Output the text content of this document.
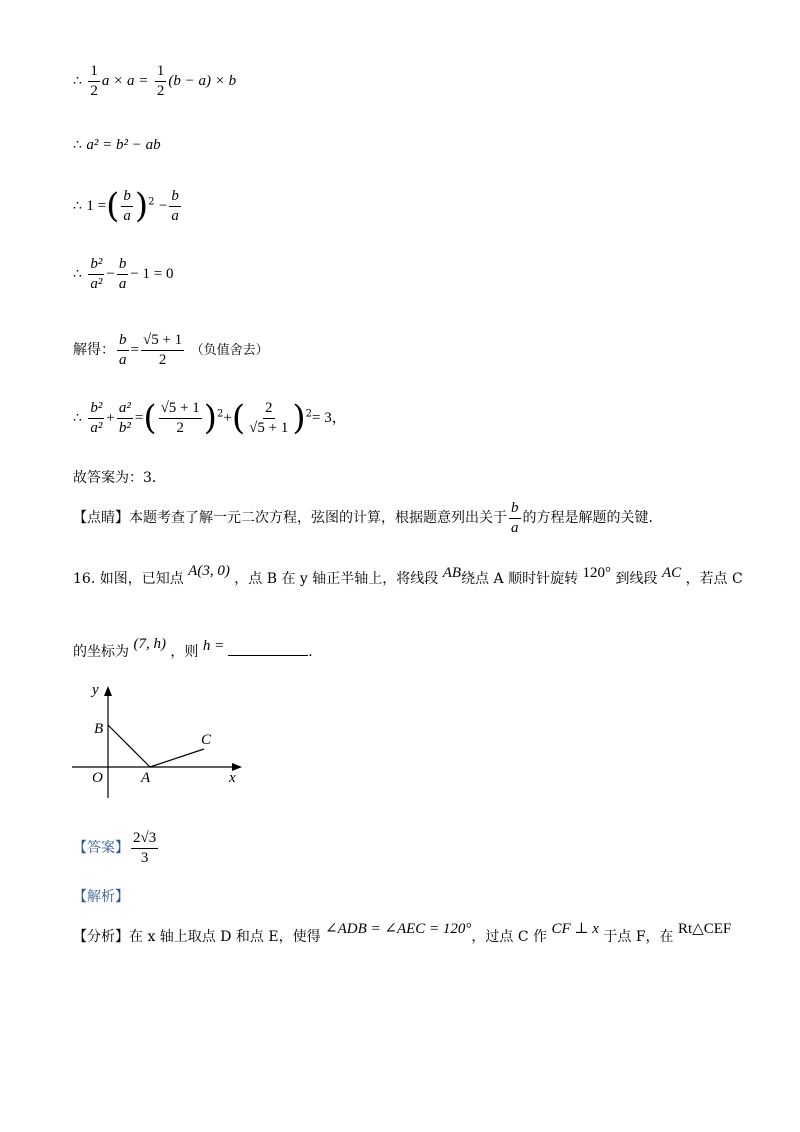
∴ $\frac{1}{2}$ $a \times a = \frac{1}{2} (b - a) \times b$
∴ a² = b² − ab
∴ 1 =( $\frac{b}{a} )^2 - \frac{b}{a}$
∴ $\frac{\text{b²}}{\text{a²}} - \frac{b}{a} - 1 = 0$
解得： $\frac{b}{a} = \frac{√5 + 1}{2}$ （负值舍去）
∴ $\frac{\text{b²}}{\text{a²}} + \frac{\text{a²}}{\text{b²}}$ =( $\frac{√5 + 1}{2} )^2+( \frac{2}{√5 + 1} )^2= 3$，
故答案为：3．
【点睛】本题考查了解一元二次方程，弦图的计算，根据题意列出关于 $\frac{b}{a}$ 的方程是解题的关键．
16. 如图，已知点 A(3, 0) ，点 B 在 y 轴正半轴上，将线段 AB绕点 A 顺时针旋转 120° 到线段 AC ，若点 C
的坐标为 (7, h) ，则 h =	．
y
B
C
O	A	x
【答案】 $\frac{2√3}{3}$
【解析】
【分析】在 x 轴上取点 D 和点 E，使得 ∠ADB = ∠AEC = 120°，过点 C 作 CF ⊥ x 于点 F，在 Rt△CEF
